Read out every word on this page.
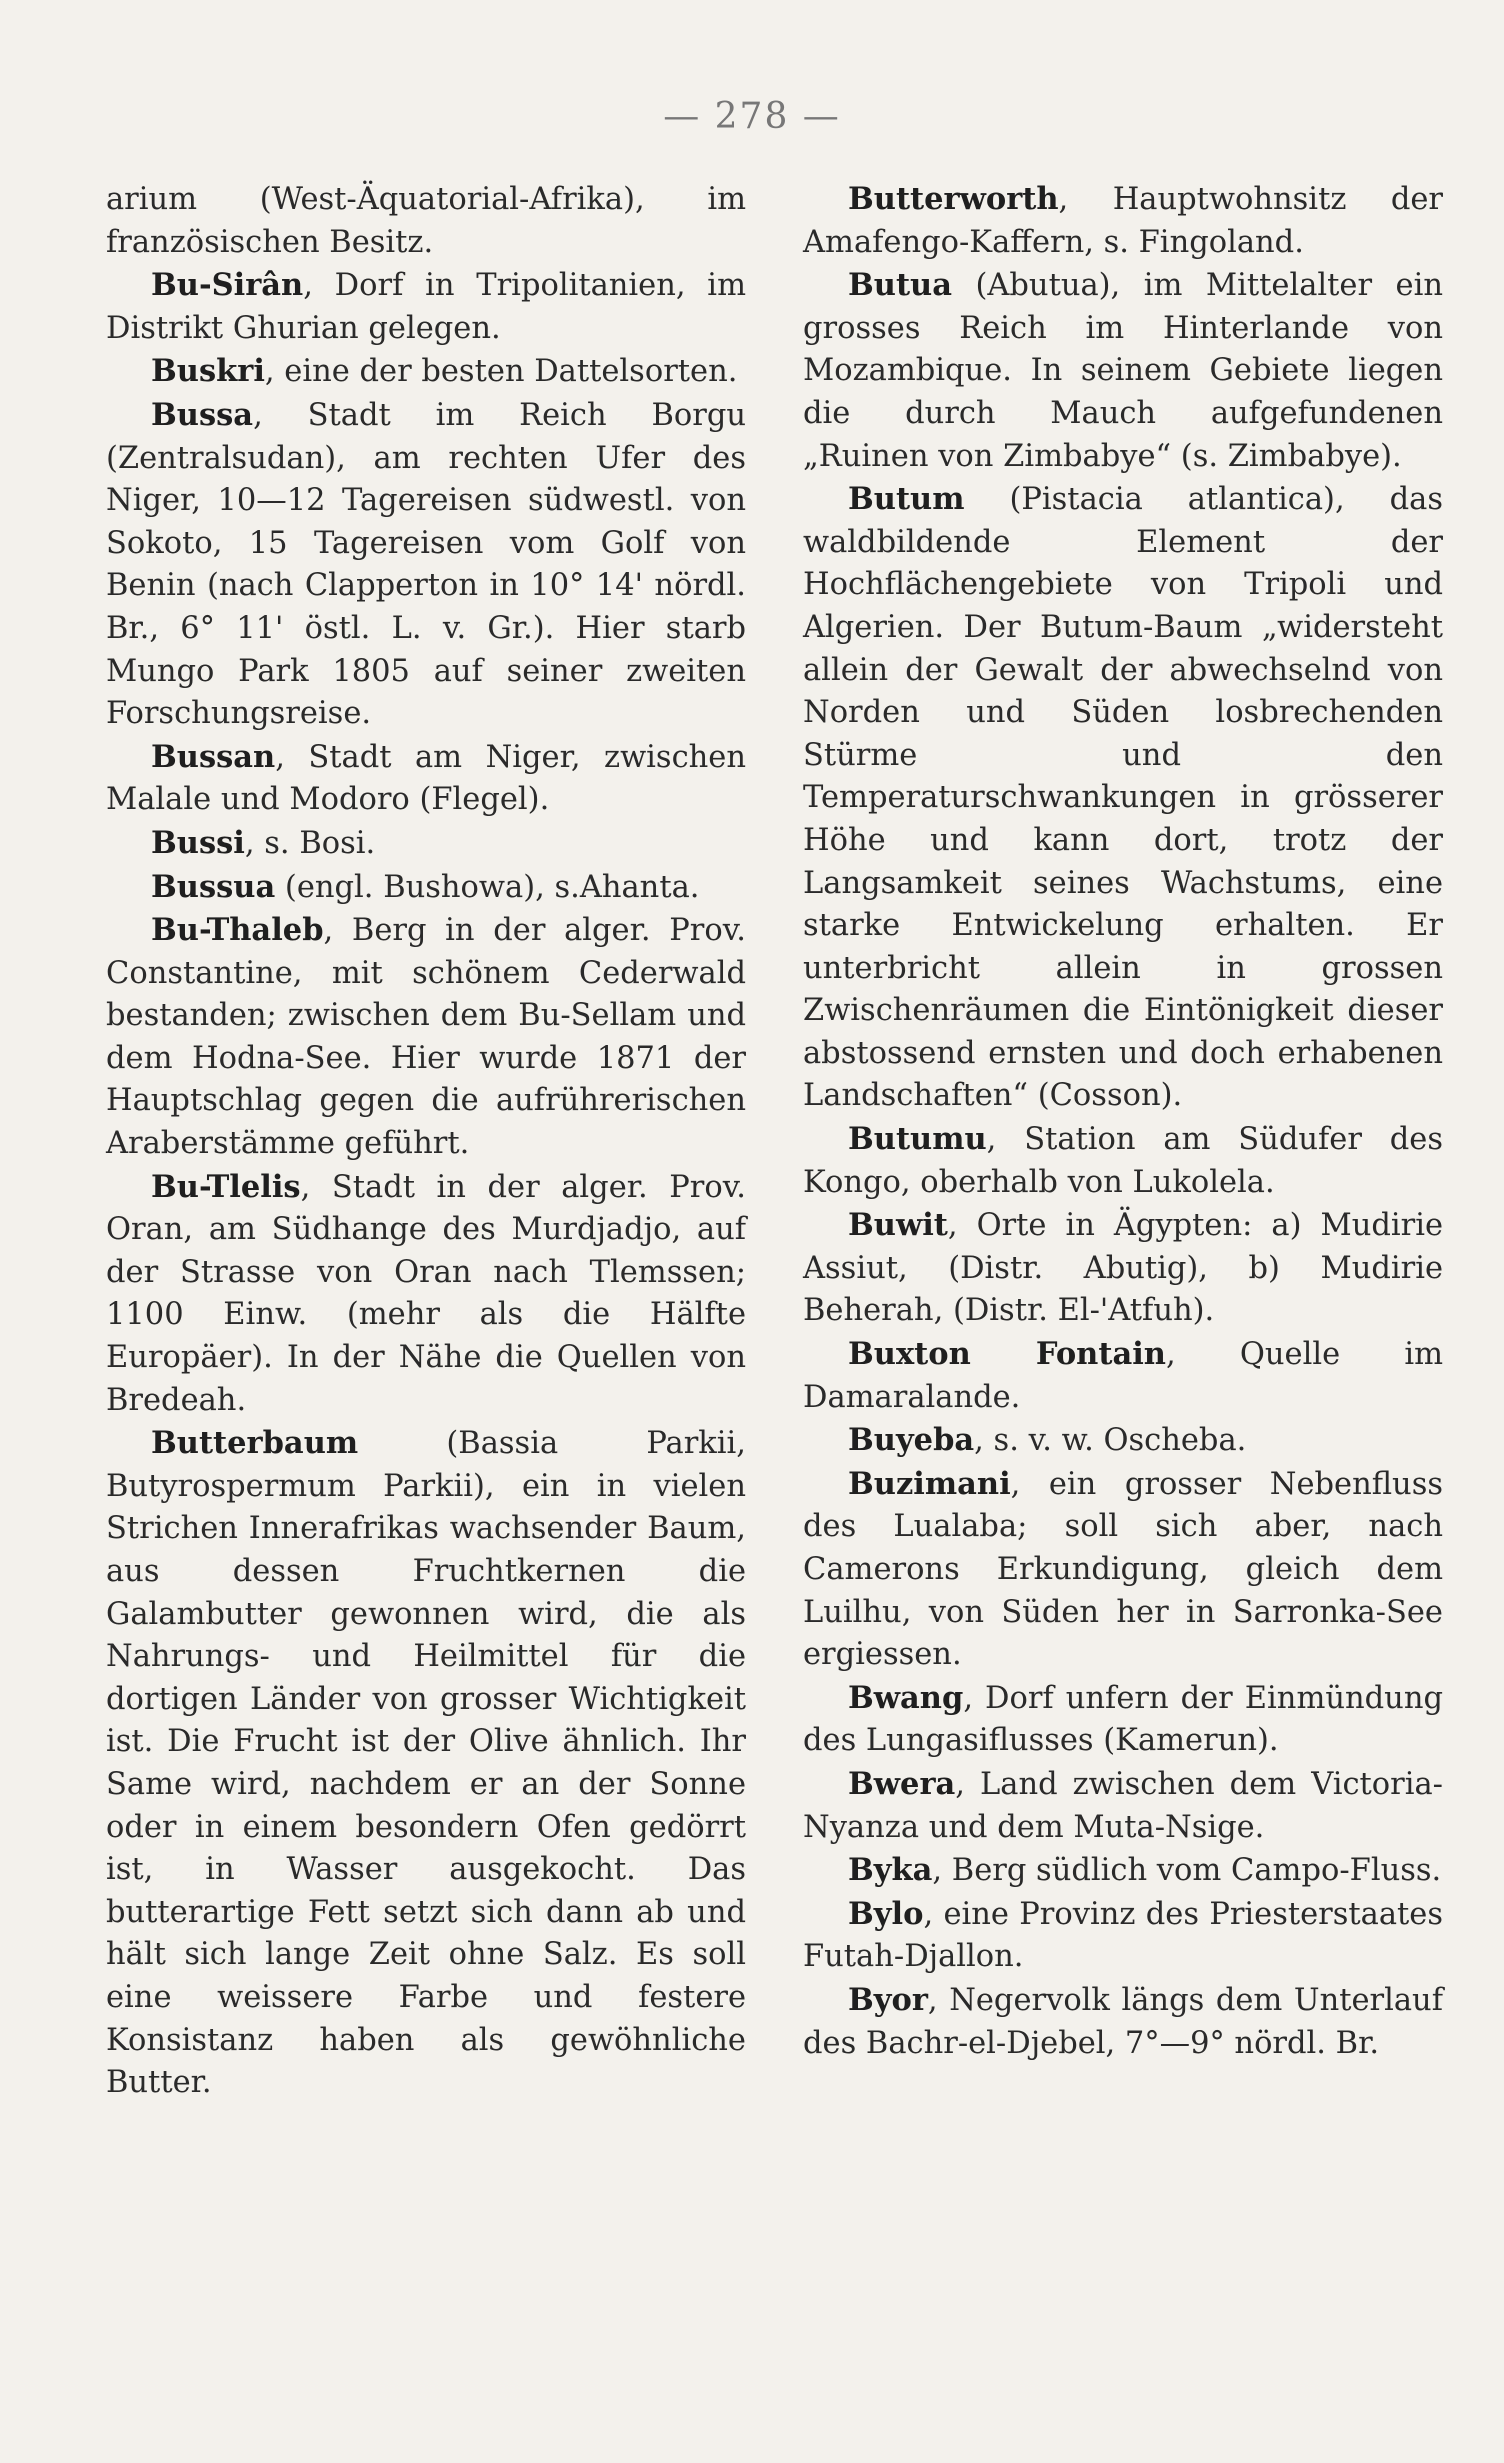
— 278 —

arium (West-Äquatorial-Afrika), im französischen Besitz.

Bu-Sirân, Dorf in Tripolitanien, im Distrikt Ghurian gelegen.

Buskri, eine der besten Dattelsorten.

Bussa, Stadt im Reich Borgu (Zentralsudan), am rechten Ufer des Niger, 10—12 Tagereisen südwestl. von Sokoto, 15 Tagereisen vom Golf von Benin (nach Clapperton in 10° 14' nördl. Br., 6° 11' östl. L. v. Gr.). Hier starb Mungo Park 1805 auf seiner zweiten Forschungsreise.

Bussan, Stadt am Niger, zwischen Malale und Modoro (Flegel).

Bussi, s. Bosi.

Bussua (engl. Bushowa), s.Ahanta.

Bu-Thaleb, Berg in der alger. Prov. Constantine, mit schönem Cederwald bestanden; zwischen dem Bu-Sellam und dem Hodna-See. Hier wurde 1871 der Hauptschlag gegen die aufrührerischen Araberstämme geführt.

Bu-Tlelis, Stadt in der alger. Prov. Oran, am Südhange des Murdjadjo, auf der Strasse von Oran nach Tlemssen; 1100 Einw. (mehr als die Hälfte Europäer). In der Nähe die Quellen von Bredeah.

Butterbaum (Bassia Parkii, Butyrospermum Parkii), ein in vielen Strichen Innerafrikas wachsender Baum, aus dessen Fruchtkernen die Galambutter gewonnen wird, die als Nahrungs- und Heilmittel für die dortigen Länder von grosser Wichtigkeit ist. Die Frucht ist der Olive ähnlich. Ihr Same wird, nachdem er an der Sonne oder in einem besondern Ofen gedörrt ist, in Wasser ausgekocht. Das butterartige Fett setzt sich dann ab und hält sich lange Zeit ohne Salz. Es soll eine weissere Farbe und festere Konsistanz haben als gewöhnliche Butter.

Butterworth, Hauptwohnsitz der Amafengo-Kaffern, s. Fingoland.

Butua (Abutua), im Mittelalter ein grosses Reich im Hinterlande von Mozambique. In seinem Gebiete liegen die durch Mauch aufgefundenen „Ruinen von Zimbabye“ (s. Zimbabye).

Butum (Pistacia atlantica), das waldbildende Element der Hochflächengebiete von Tripoli und Algerien. Der Butum-Baum „widersteht allein der Gewalt der abwechselnd von Norden und Süden losbrechenden Stürme und den Temperaturschwankungen in grösserer Höhe und kann dort, trotz der Langsamkeit seines Wachstums, eine starke Entwickelung erhalten. Er unterbricht allein in grossen Zwischenräumen die Eintönigkeit dieser abstossend ernsten und doch erhabenen Landschaften“ (Cosson).

Butumu, Station am Südufer des Kongo, oberhalb von Lukolela.

Buwit, Orte in Ägypten: a) Mudirie Assiut, (Distr. Abutig), b) Mudirie Beherah, (Distr. El-'Atfuh).

Buxton Fontain, Quelle im Damaralande.

Buyeba, s. v. w. Oscheba.

Buzimani, ein grosser Nebenfluss des Lualaba; soll sich aber, nach Camerons Erkundigung, gleich dem Luilhu, von Süden her in Sarronka-See ergiessen.

Bwang, Dorf unfern der Einmündung des Lungasiflusses (Kamerun).

Bwera, Land zwischen dem Victoria-Nyanza und dem Muta-Nsige.

Byka, Berg südlich vom Campo-Fluss.

Bylo, eine Provinz des Priesterstaates Futah-Djallon.

Byor, Negervolk längs dem Unterlauf des Bachr-el-Djebel, 7°—9° nördl. Br.
